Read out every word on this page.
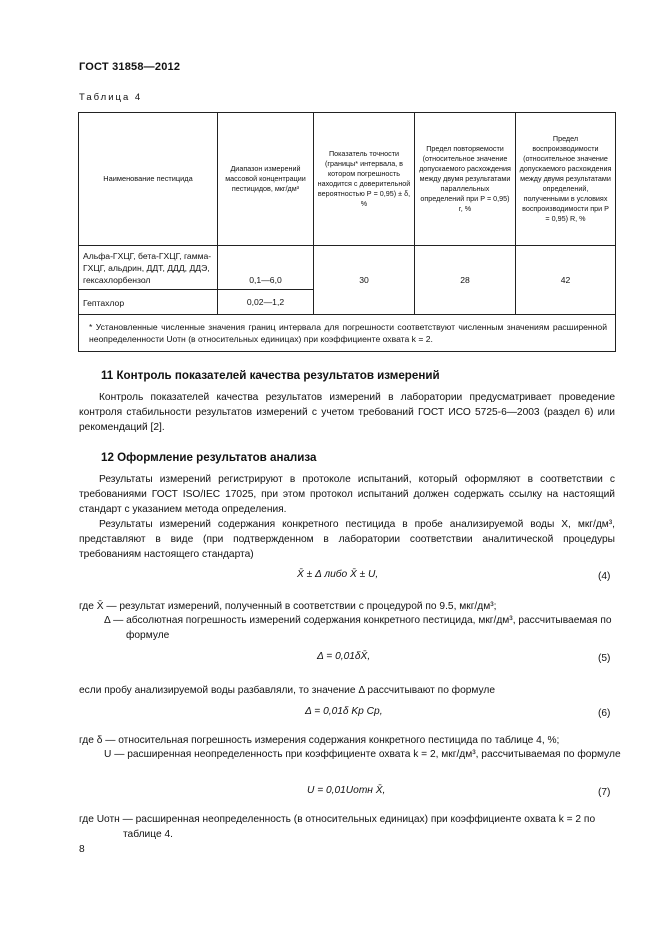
ГОСТ 31858—2012
Таблица 4
Наименование пестицида	Диапазон измерений массовой концентрации пестицидов, мкг/дм³	Показатель точности (границы* интервала, в котором погрешность находится с доверительной вероятностью Р = 0,95) ± δ, %	Предел повторяемости (относительное значение допускаемого расхождения между двумя результатами параллельных определений при Р = 0,95) r, %	Предел воспроизводимости (относительное значение допускаемого расхождения между двумя результатами определений, полученными в условиях воспроизводимости при Р = 0,95) R, %
Альфа-ГХЦГ, бета-ГХЦГ, гамма-ГХЦГ, альдрин, ДДТ, ДДД, ДДЭ, гексахлорбензол	0,1—6,0	30	28	42
Гептахлор	0,02—1,2			
* Установленные численные значения границ интервала для погрешности соответствуют численным значениям расширенной неопределенности Uотн (в относительных единицах) при коэффициенте охвата k = 2.				
11 Контроль показателей качества результатов измерений
Контроль показателей качества результатов измерений в лаборатории предусматривает проведение контроля стабильности результатов измерений с учетом требований ГОСТ ИСО 5725-6—2003 (раздел 6) или рекомендаций [2].
12 Оформление результатов анализа
Результаты измерений регистрируют в протоколе испытаний, который оформляют в соответствии с требованиями ГОСТ ISO/IEC 17025, при этом протокол испытаний должен содержать ссылку на настоящий стандарт с указанием метода определения.
Результаты измерений содержания конкретного пестицида в пробе анализируемой воды X, мкг/дм³, представляют в виде (при подтвержденном в лаборатории соответствии аналитической процедуры требованиям настоящего стандарта)
X̄ ± Δ либо X̄ ± U,	(4)
где X̄ — результат измерений, полученный в соответствии с процедурой по 9.5, мкг/дм³;
Δ — абсолютная погрешность измерений содержания конкретного пестицида, мкг/дм³, рассчитываемая по формуле
Δ = 0,01δX̄,	(5)
если пробу анализируемой воды разбавляли, то значение Δ рассчитывают по формуле
Δ = 0,01δ Kр Cр,	(6)
где δ — относительная погрешность измерения содержания конкретного пестицида по таблице 4, %;
U — расширенная неопределенность при коэффициенте охвата k = 2, мкг/дм³, рассчитываемая по формуле
U = 0,01Uотн X̄,	(7)
где Uотн — расширенная неопределенность (в относительных единицах) при коэффициенте охвата k = 2 по таблице 4.
8
